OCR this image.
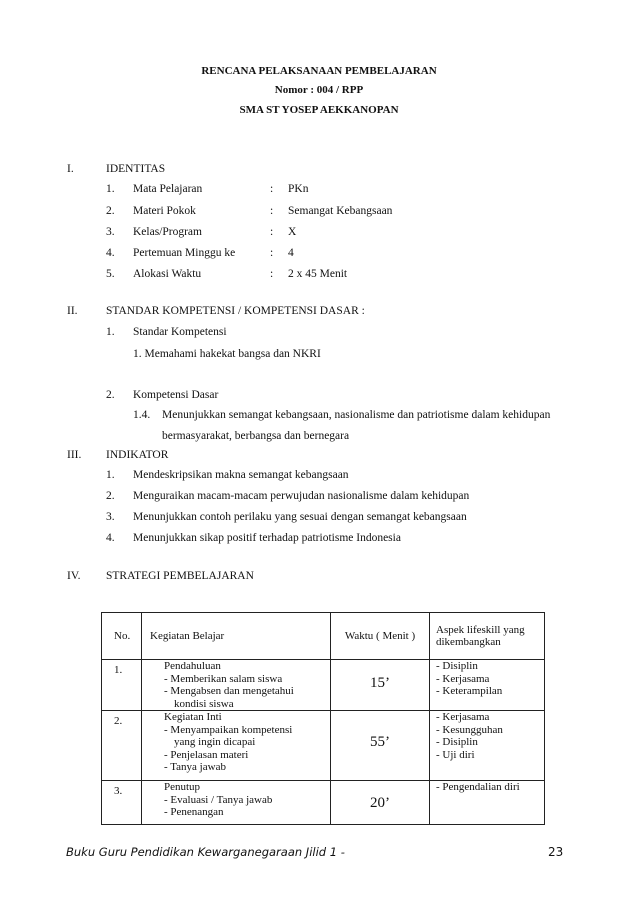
RENCANA PELAKSANAAN PEMBELAJARAN
Nomor : 004 / RPP
SMA ST YOSEP AEKKANOPAN
I.	IDENTITAS
1. Mata Pelajaran	: PKn
2. Materi Pokok	: Semangat Kebangsaan
3. Kelas/Program	: X
4. Pertemuan Minggu ke	: 4
5. Alokasi Waktu	: 2 x 45 Menit
II. STANDAR KOMPETENSI / KOMPETENSI DASAR :
1. Standar Kompetensi
1. Memahami hakekat bangsa dan NKRI
2. Kompetensi Dasar
1.4. Menunjukkan semangat kebangsaan, nasionalisme dan patriotisme dalam kehidupan
bermasyarakat, berbangsa dan bernegara
III. INDIKATOR
1. Mendeskripsikan makna semangat kebangsaan
2. Menguraikan macam-macam perwujudan nasionalisme dalam kehidupan
3. Menunjukkan contoh perilaku yang sesuai dengan semangat kebangsaan
4. Menunjukkan sikap positif terhadap patriotisme Indonesia
IV. STRATEGI PEMBELAJARAN
No.	Kegiatan Belajar	Waktu ( Menit )	Aspek lifeskill yang
dikembangkan

1.	Pendahuluan
- Memberikan salam siswa
- Mengabsen dan mengetahui
kondisi siswa	15’	- Disiplin
- Kerjasama
- Keterampilan

2.	Kegiatan Inti
- Menyampaikan kompetensi
yang ingin dicapai
- Penjelasan materi
- Tanya jawab	55’	- Kerjasama
- Kesungguhan
- Disiplin
- Uji diri

3.	Penutup
- Evaluasi / Tanya jawab
- Penenangan	20’	- Pengendalian diri
Buku Guru Pendidikan Kewarganegaraan Jilid 1 -	23
